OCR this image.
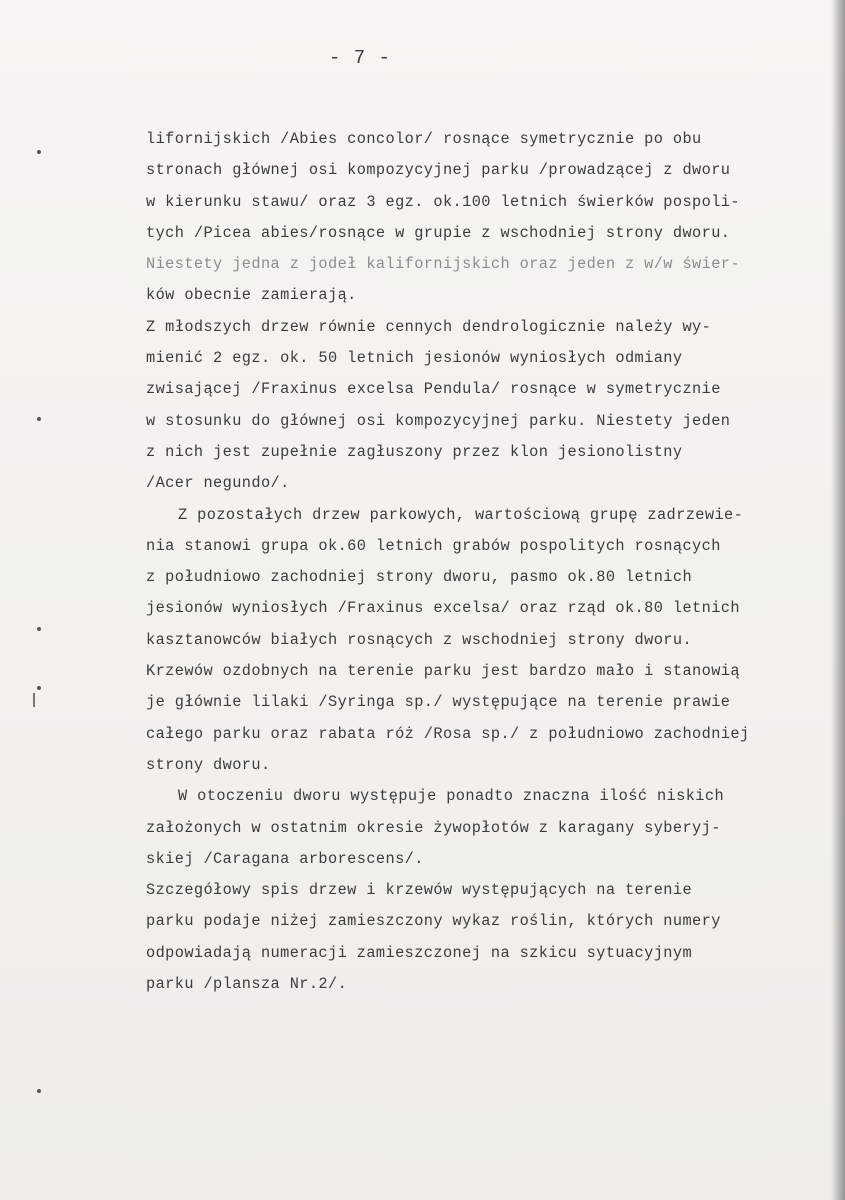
- 7 -
lifornijskich /Abies concolor/ rosnące symetrycznie po obu
stronach głównej osi kompozycyjnej parku /prowadzącej z dworu
w kierunku stawu/ oraz 3 egz. ok.100 letnich świerków pospoli-
tych /Picea abies/rosnące w grupie z wschodniej strony dworu.
Niestety jedna z jodeł kalifornijskich oraz jeden z w/w świer-
ków obecnie zamierają.
Z młodszych drzew równie cennych dendrologicznie należy wy-
mienić 2 egz. ok. 50 letnich jesionów wyniosłych odmiany
zwisającej /Fraxinus excelsa Pendula/ rosnące w symetrycznie
w stosunku do głównej osi kompozycyjnej parku. Niestety jeden
z nich jest zupełnie zagłuszony przez klon jesionolistny
/Acer negundo/.
Z pozostałych drzew parkowych, wartościową grupę zadrzewie-
nia stanowi grupa ok.60 letnich grabów pospolitych rosnących
z południowo zachodniej strony dworu, pasmo ok.80 letnich
jesionów wyniosłych /Fraxinus excelsa/ oraz rząd ok.80 letnich
kasztanowców białych rosnących z wschodniej strony dworu.
Krzewów ozdobnych na terenie parku jest bardzo mało i stanowią
je głównie lilaki /Syringa sp./ występujące na terenie prawie
całego parku oraz rabata róż /Rosa sp./ z południowo zachodniej
strony dworu.
W otoczeniu dworu występuje ponadto znaczna ilość niskich
założonych w ostatnim okresie żywopłotów z karagany syberyj-
skiej /Caragana arborescens/.
Szczegółowy spis drzew i krzewów występujących na terenie
parku podaje niżej zamieszczony wykaz roślin, których numery
odpowiadają numeracji zamieszczonej na szkicu sytuacyjnym
parku /plansza Nr.2/.
